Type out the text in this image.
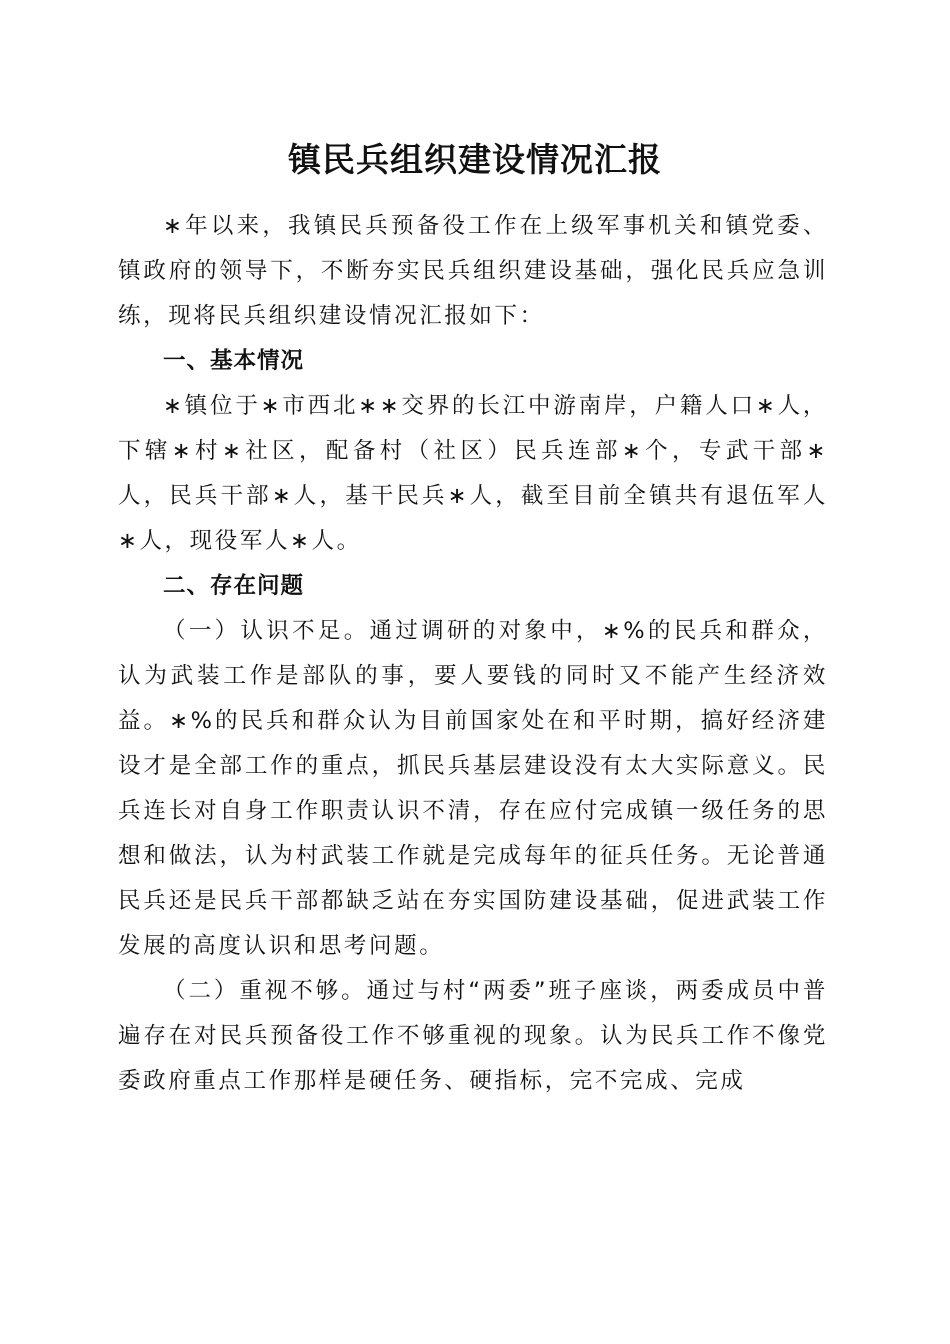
镇民兵组织建设情况汇报

∗年以来，我镇民兵预备役工作在上级军事机关和镇党委、镇政府的领导下，不断夯实民兵组织建设基础，强化民兵应急训练，现将民兵组织建设情况汇报如下：

一、基本情况

∗镇位于∗市西北∗∗交界的长江中游南岸，户籍人口∗人，下辖∗村∗社区，配备村（社区）民兵连部∗个，专武干部∗人，民兵干部∗人，基干民兵∗人，截至目前全镇共有退伍军人∗人，现役军人∗人。

二、存在问题

（一）认识不足。通过调研的对象中，∗%的民兵和群众，认为武装工作是部队的事，要人要钱的同时又不能产生经济效益。∗%的民兵和群众认为目前国家处在和平时期，搞好经济建设才是全部工作的重点，抓民兵基层建设没有太大实际意义。民兵连长对自身工作职责认识不清，存在应付完成镇一级任务的思想和做法，认为村武装工作就是完成每年的征兵任务。无论普通民兵还是民兵干部都缺乏站在夯实国防建设基础，促进武装工作发展的高度认识和思考问题。

（二）重视不够。通过与村“两委”班子座谈，两委成员中普遍存在对民兵预备役工作不够重视的现象。认为民兵工作不像党委政府重点工作那样是硬任务、硬指标，完不完成、完成
